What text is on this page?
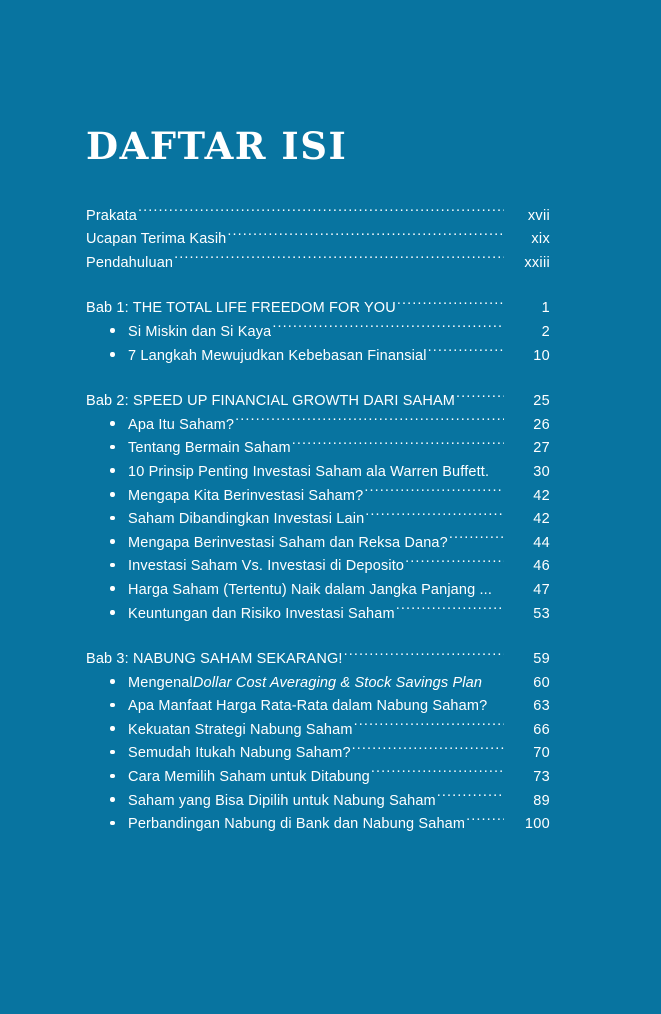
DAFTAR ISI
Prakata .....	xvii
Ucapan Terima Kasih .....	xix
Pendahuluan .....	xxiii
Bab 1: THE TOTAL LIFE FREEDOM FOR YOU .....	1
Si Miskin dan Si Kaya .....	2
7 Langkah Mewujudkan Kebebasan Finansial .....	10
Bab 2: SPEED UP FINANCIAL GROWTH DARI SAHAM .....	25
Apa Itu Saham? .....	26
Tentang Bermain Saham .....	27
10 Prinsip Penting Investasi Saham ala Warren Buffett.	30
Mengapa Kita Berinvestasi Saham? .....	42
Saham Dibandingkan Investasi Lain .....	42
Mengapa Berinvestasi Saham dan Reksa Dana? .....	44
Investasi Saham Vs. Investasi di Deposito .....	46
Harga Saham (Tertentu) Naik dalam Jangka Panjang ...	47
Keuntungan dan Risiko Investasi Saham .....	53
Bab 3: NABUNG SAHAM SEKARANG! .....	59
Mengenal Dollar Cost Averaging & Stock Savings Plan	60
Apa Manfaat Harga Rata-Rata dalam Nabung Saham?	63
Kekuatan Strategi Nabung Saham .....	66
Semudah Itukah Nabung Saham? .....	70
Cara Memilih Saham untuk Ditabung .....	73
Saham yang Bisa Dipilih untuk Nabung Saham .....	89
Perbandingan Nabung di Bank dan Nabung Saham .....	100
